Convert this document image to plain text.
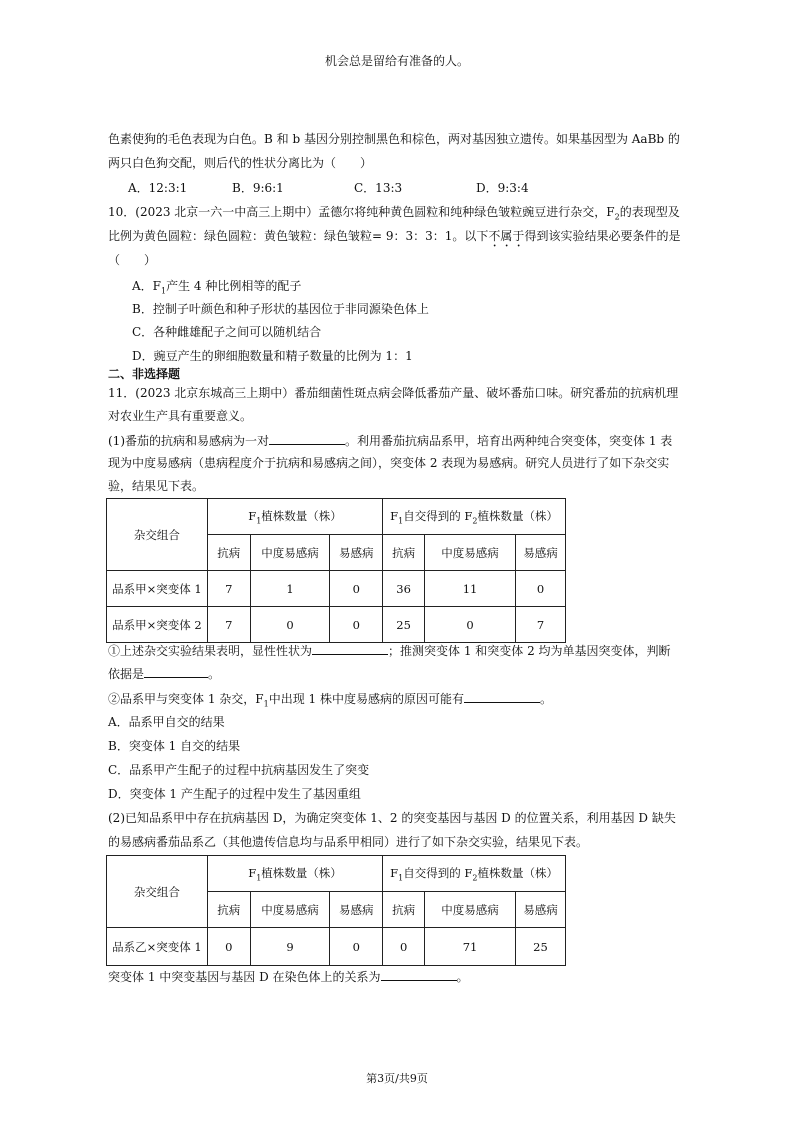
机会总是留给有准备的人。
色素使狗的毛色表现为白色。B 和 b 基因分别控制黑色和棕色，两对基因独立遗传。如果基因型为 AaBb 的
两只白色狗交配，则后代的性状分离比为（　　）
A．12:3:1	B．9:6:1	C．13:3	D．9:3:4
10．(2023 北京一六一中高三上期中）孟德尔将纯种黄色圆粒和纯种绿色皱粒豌豆进行杂交，$F_2$的表现型及
比例为黄色圆粒：绿色圆粒：黄色皱粒：绿色皱粒= 9：3：3：1。以下不属于得到该实验结果必要条件的是
（　　）
A．$F_1$产生 4 种比例相等的配子
B．控制子叶颜色和种子形状的基因位于非同源染色体上
C．各种雌雄配子之间可以随机结合
D．豌豆产生的卵细胞数量和精子数量的比例为 1：1
二、非选择题
11．(2023 北京东城高三上期中）番茄细菌性斑点病会降低番茄产量、破坏番茄口味。研究番茄的抗病机理
对农业生产具有重要意义。
(1)番茄的抗病和易感病为一对	。利用番茄抗病品系甲，培育出两种纯合突变体，突变体 1 表
现为中度易感病（患病程度介于抗病和易感病之间），突变体 2 表现为易感病。研究人员进行了如下杂交实
验，结果见下表。
杂交组合	$F_1$植株数量（株）			$F_1$自交得到的 $F_2$植株数量（株）		
	抗病	中度易感病	易感病	抗病	中度易感病	易感病
品系甲×突变体 1	7	1	0	36	11	0
品系甲×突变体 2	7	0	0	25	0	7
①上述杂交实验结果表明，显性性状为	；推测突变体 1 和突变体 2 均为单基因突变体，判断
依据是	。
②品系甲与突变体 1 杂交，$F_1$中出现 1 株中度易感病的原因可能有	。
A．品系甲自交的结果
B．突变体 1 自交的结果
C．品系甲产生配子的过程中抗病基因发生了突变
D．突变体 1 产生配子的过程中发生了基因重组
(2)已知品系甲中存在抗病基因 D，为确定突变体 1、2 的突变基因与基因 D 的位置关系，利用基因 D 缺失
的易感病番茄品系乙（其他遗传信息均与品系甲相同）进行了如下杂交实验，结果见下表。
杂交组合	$F_1$植株数量（株）			$F_1$自交得到的 $F_2$植株数量（株）		
	抗病	中度易感病	易感病	抗病	中度易感病	易感病
品系乙×突变体 1	0	9	0	0	71	25
突变体 1 中突变基因与基因 D 在染色体上的关系为	。
第3页/共9页
